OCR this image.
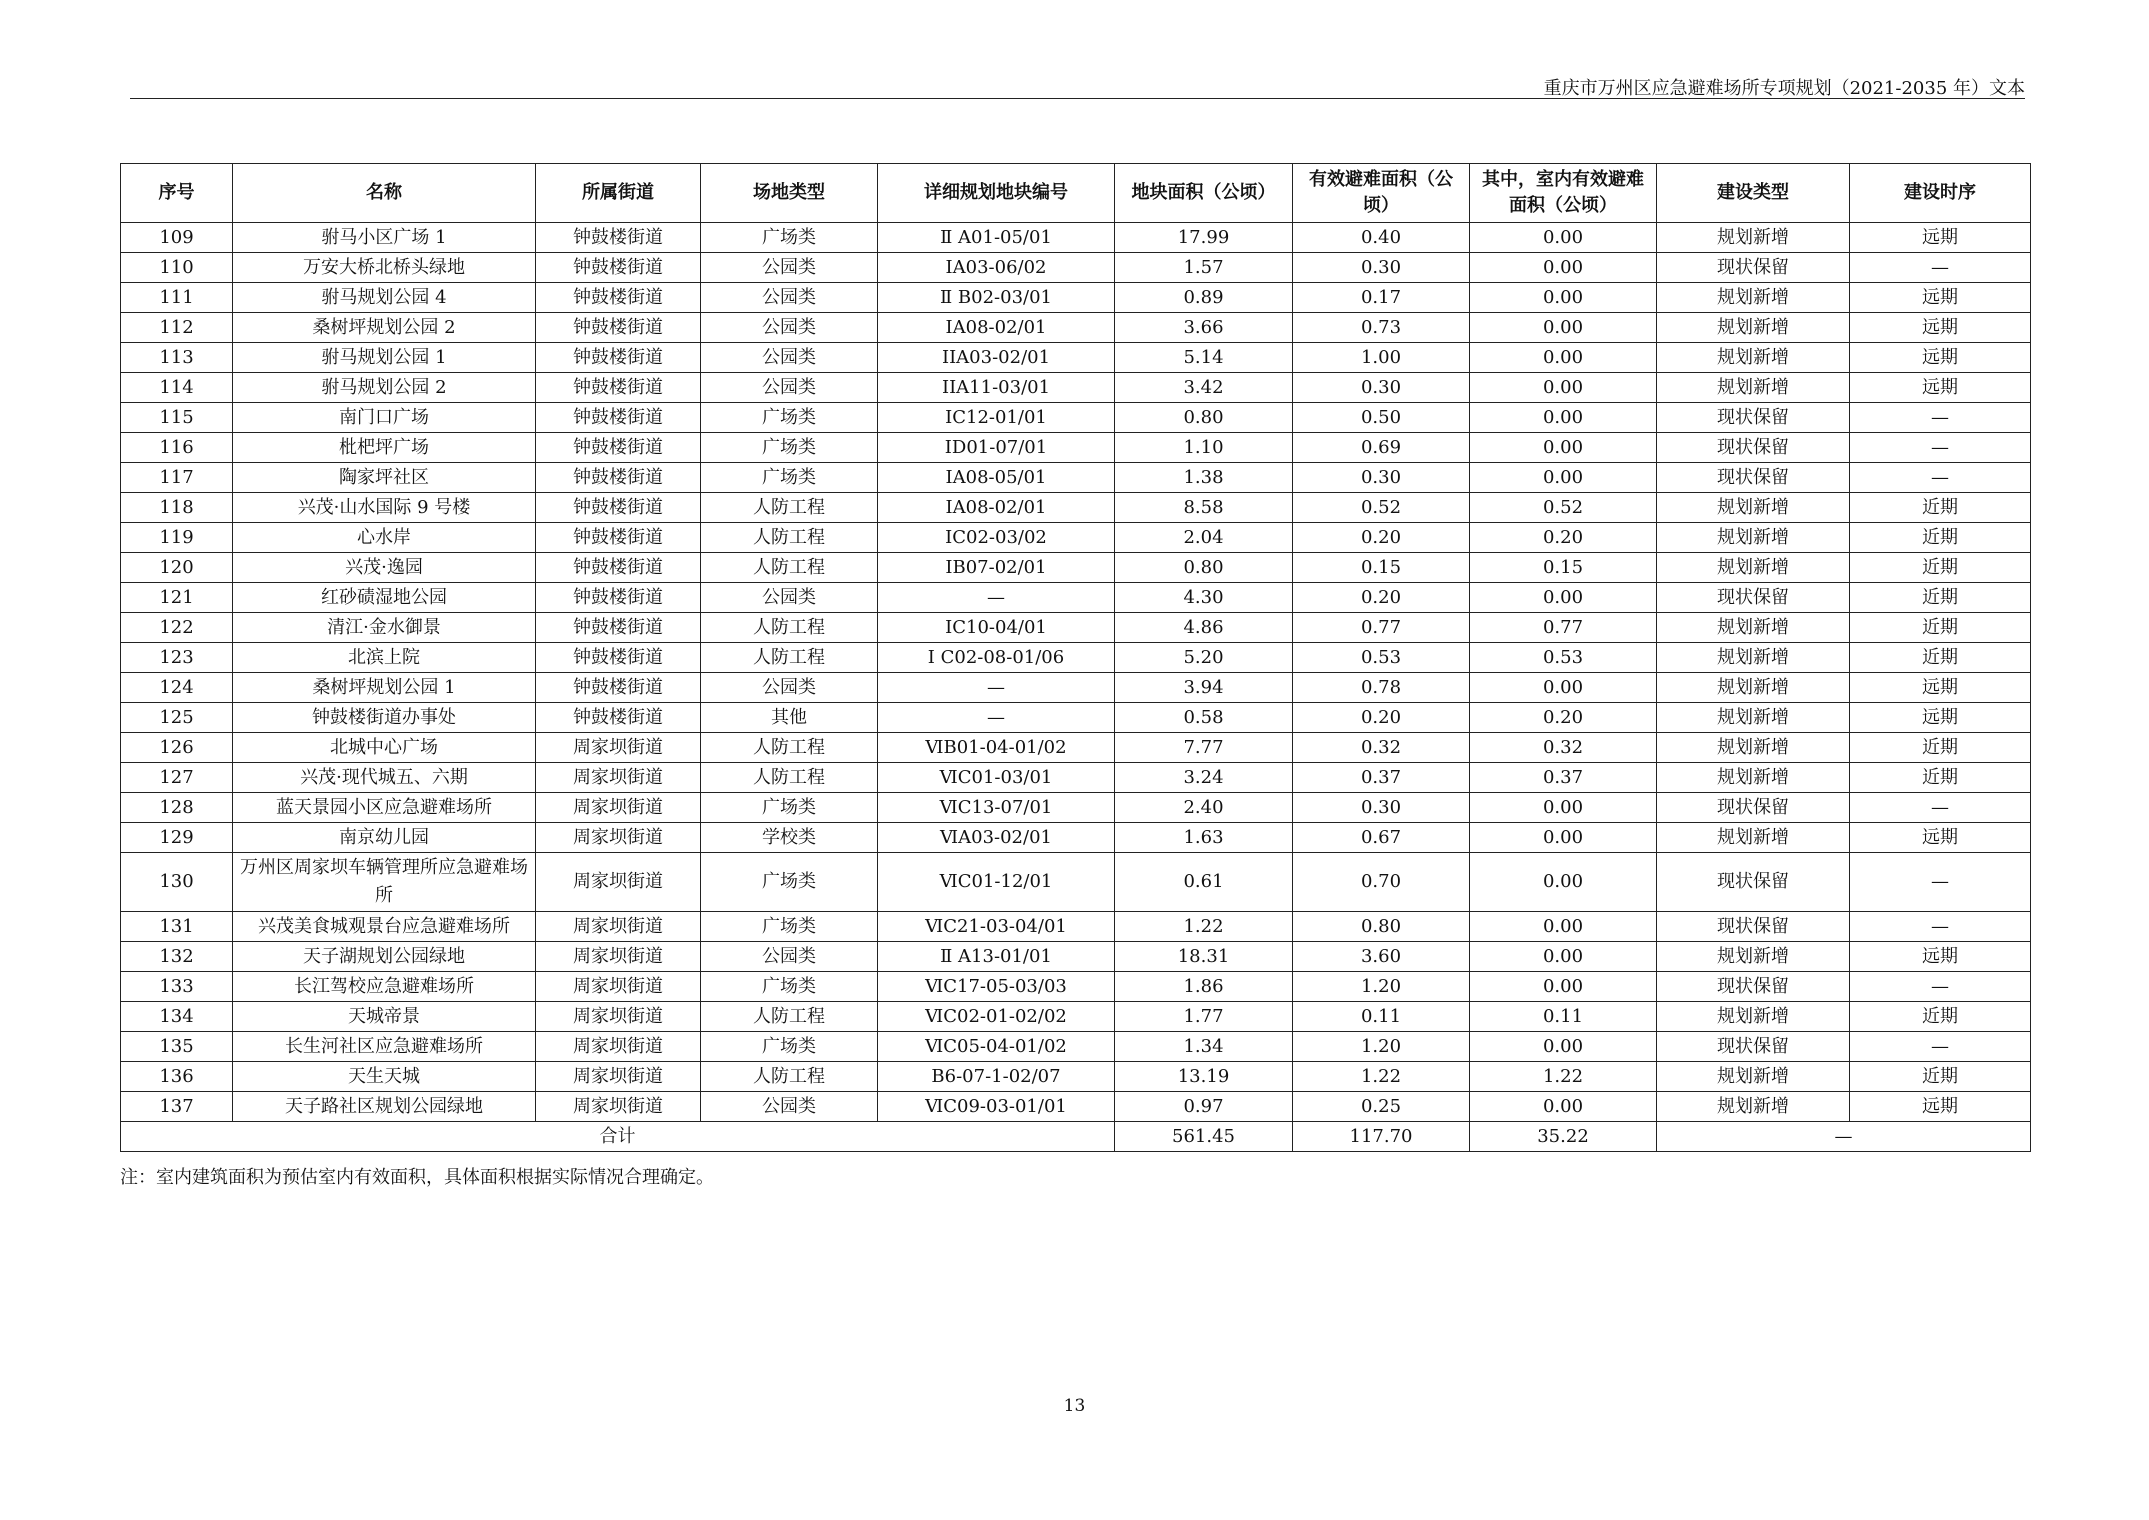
重庆市万州区应急避难场所专项规划（2021-2035 年）文本
序号	名称	所属街道	场地类型	详细规划地块编号	地块面积（公顷）	有效避难面积（公顷）	其中，室内有效避难面积（公顷）	建设类型	建设时序
109	驸马小区广场 1	钟鼓楼街道	广场类	Ⅱ A01-05/01	17.99	0.40	0.00	规划新增	远期
110	万安大桥北桥头绿地	钟鼓楼街道	公园类	IA03-06/02	1.57	0.30	0.00	现状保留	—
111	驸马规划公园 4	钟鼓楼街道	公园类	Ⅱ B02-03/01	0.89	0.17	0.00	规划新增	远期
112	桑树坪规划公园 2	钟鼓楼街道	公园类	IA08-02/01	3.66	0.73	0.00	规划新增	远期
113	驸马规划公园 1	钟鼓楼街道	公园类	IIA03-02/01	5.14	1.00	0.00	规划新增	远期
114	驸马规划公园 2	钟鼓楼街道	公园类	IIA11-03/01	3.42	0.30	0.00	规划新增	远期
115	南门口广场	钟鼓楼街道	广场类	IC12-01/01	0.80	0.50	0.00	现状保留	—
116	枇杷坪广场	钟鼓楼街道	广场类	ID01-07/01	1.10	0.69	0.00	现状保留	—
117	陶家坪社区	钟鼓楼街道	广场类	IA08-05/01	1.38	0.30	0.00	现状保留	—
118	兴茂·山水国际 9 号楼	钟鼓楼街道	人防工程	IA08-02/01	8.58	0.52	0.52	规划新增	近期
119	心水岸	钟鼓楼街道	人防工程	IC02-03/02	2.04	0.20	0.20	规划新增	近期
120	兴茂·逸园	钟鼓楼街道	人防工程	IB07-02/01	0.80	0.15	0.15	规划新增	近期
121	红砂碛湿地公园	钟鼓楼街道	公园类	—	4.30	0.20	0.00	现状保留	近期
122	清江·金水御景	钟鼓楼街道	人防工程	IC10-04/01	4.86	0.77	0.77	规划新增	近期
123	北滨上院	钟鼓楼街道	人防工程	Ⅰ C02-08-01/06	5.20	0.53	0.53	规划新增	近期
124	桑树坪规划公园 1	钟鼓楼街道	公园类	—	3.94	0.78	0.00	规划新增	远期
125	钟鼓楼街道办事处	钟鼓楼街道	其他	—	0.58	0.20	0.20	规划新增	远期
126	北城中心广场	周家坝街道	人防工程	ⅥB01-04-01/02	7.77	0.32	0.32	规划新增	近期
127	兴茂·现代城五、六期	周家坝街道	人防工程	ⅥC01-03/01	3.24	0.37	0.37	规划新增	近期
128	蓝天景园小区应急避难场所	周家坝街道	广场类	ⅥC13-07/01	2.40	0.30	0.00	现状保留	—
129	南京幼儿园	周家坝街道	学校类	ⅥA03-02/01	1.63	0.67	0.00	规划新增	远期
130	万州区周家坝车辆管理所应急避难场所	周家坝街道	广场类	ⅥC01-12/01	0.61	0.70	0.00	现状保留	—
131	兴茂美食城观景台应急避难场所	周家坝街道	广场类	ⅥC21-03-04/01	1.22	0.80	0.00	现状保留	—
132	天子湖规划公园绿地	周家坝街道	公园类	Ⅱ A13-01/01	18.31	3.60	0.00	规划新增	远期
133	长江驾校应急避难场所	周家坝街道	广场类	ⅥC17-05-03/03	1.86	1.20	0.00	现状保留	—
134	天城帝景	周家坝街道	人防工程	ⅥC02-01-02/02	1.77	0.11	0.11	规划新增	近期
135	长生河社区应急避难场所	周家坝街道	广场类	ⅥC05-04-01/02	1.34	1.20	0.00	现状保留	—
136	天生天城	周家坝街道	人防工程	B6-07-1-02/07	13.19	1.22	1.22	规划新增	近期
137	天子路社区规划公园绿地	周家坝街道	公园类	ⅥC09-03-01/01	0.97	0.25	0.00	规划新增	远期
合计					561.45	117.70	35.22	—	
注：室内建筑面积为预估室内有效面积，具体面积根据实际情况合理确定。
13
